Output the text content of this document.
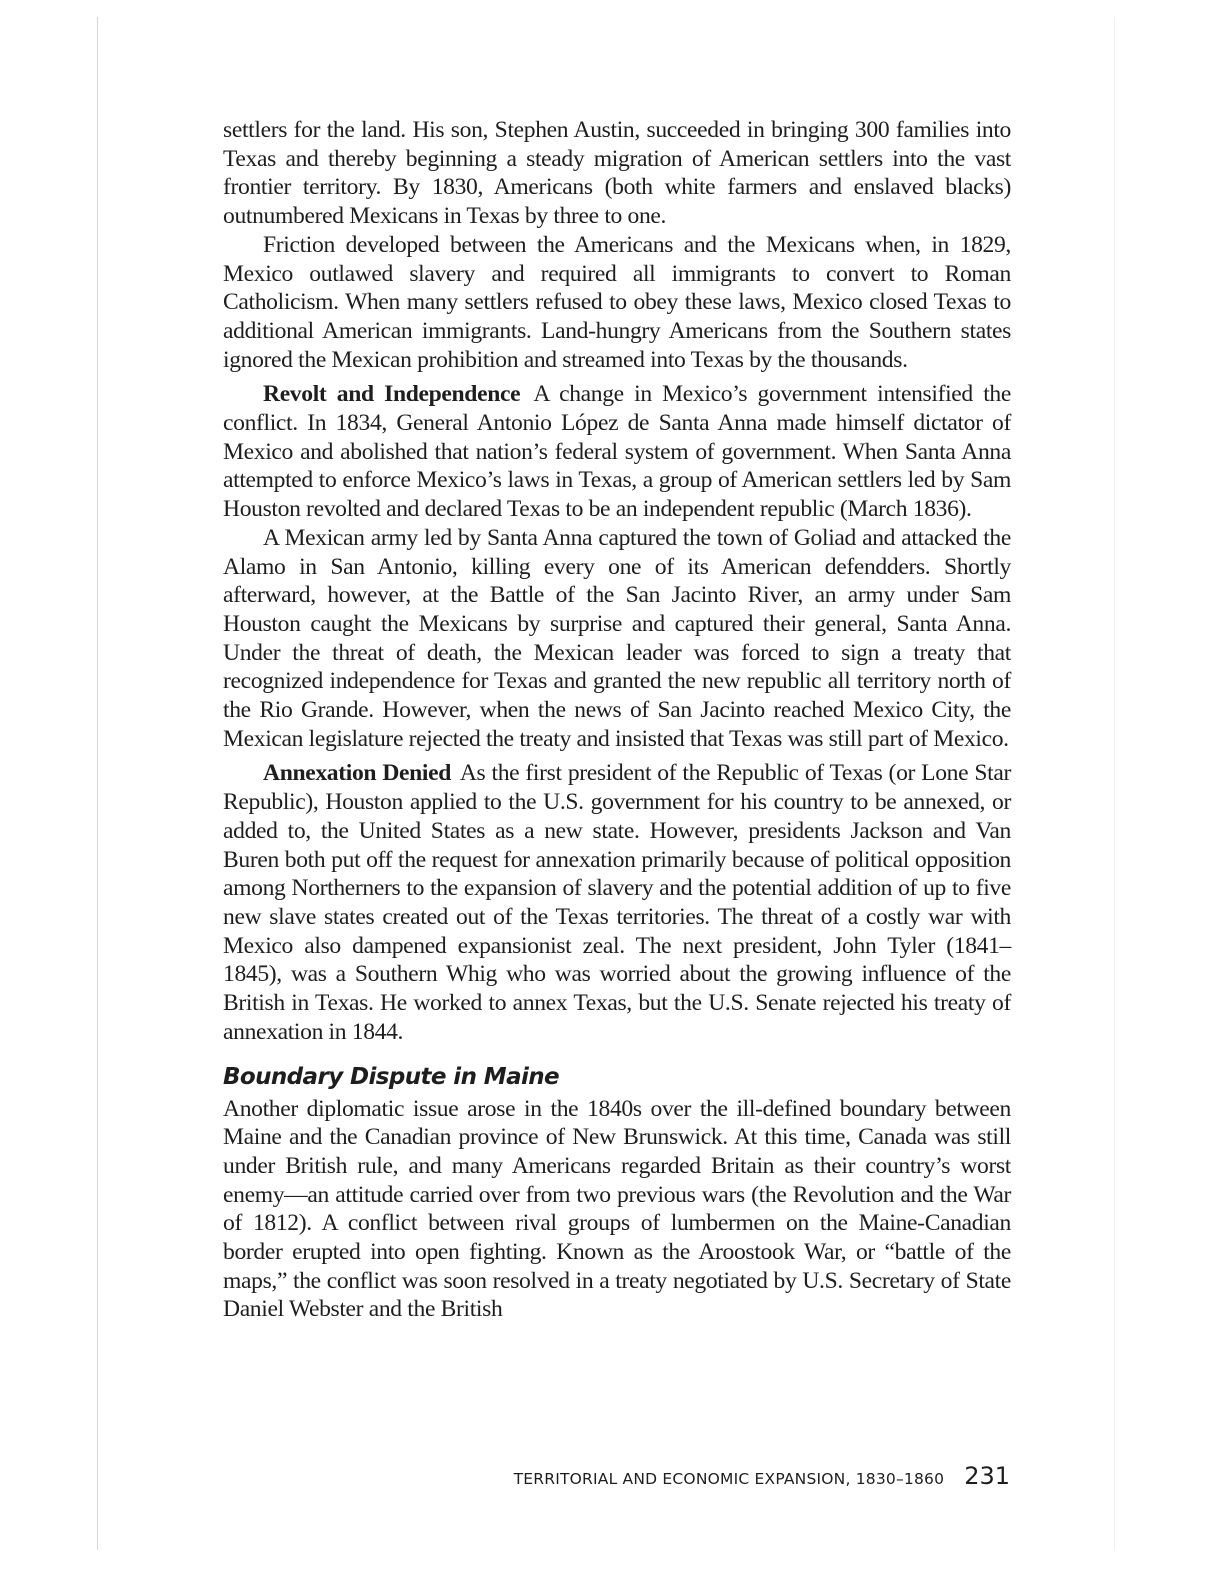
settlers for the land. His son, Stephen Austin, succeeded in bringing 300 families into Texas and thereby beginning a steady migration of American settlers into the vast frontier territory. By 1830, Americans (both white farmers and enslaved blacks) outnumbered Mexicans in Texas by three to one.

Friction developed between the Americans and the Mexicans when, in 1829, Mexico outlawed slavery and required all immigrants to convert to Roman Catholicism. When many settlers refused to obey these laws, Mexico closed Texas to additional American immigrants. Land-hungry Americans from the Southern states ignored the Mexican prohibition and streamed into Texas by the thousands.

Revolt and Independence A change in Mexico’s government intensified the conflict. In 1834, General Antonio López de Santa Anna made himself dictator of Mexico and abolished that nation’s federal system of government. When Santa Anna attempted to enforce Mexico’s laws in Texas, a group of American settlers led by Sam Houston revolted and declared Texas to be an independent republic (March 1836).

A Mexican army led by Santa Anna captured the town of Goliad and attacked the Alamo in San Antonio, killing every one of its American defendders. Shortly afterward, however, at the Battle of the San Jacinto River, an army under Sam Houston caught the Mexicans by surprise and captured their general, Santa Anna. Under the threat of death, the Mexican leader was forced to sign a treaty that recognized independence for Texas and granted the new republic all territory north of the Rio Grande. However, when the news of San Jacinto reached Mexico City, the Mexican legislature rejected the treaty and insisted that Texas was still part of Mexico.

Annexation Denied As the first president of the Republic of Texas (or Lone Star Republic), Houston applied to the U.S. government for his country to be annexed, or added to, the United States as a new state. However, presidents Jackson and Van Buren both put off the request for annexation primarily because of political opposition among Northerners to the expansion of slavery and the potential addition of up to five new slave states created out of the Texas territories. The threat of a costly war with Mexico also dampened expansionist zeal. The next president, John Tyler (1841–1845), was a Southern Whig who was worried about the growing influence of the British in Texas. He worked to annex Texas, but the U.S. Senate rejected his treaty of annexation in 1844.

Boundary Dispute in Maine

Another diplomatic issue arose in the 1840s over the ill-defined boundary between Maine and the Canadian province of New Brunswick. At this time, Canada was still under British rule, and many Americans regarded Britain as their country’s worst enemy—an attitude carried over from two previous wars (the Revolution and the War of 1812). A conflict between rival groups of lumbermen on the Maine-Canadian border erupted into open fighting. Known as the Aroostook War, or “battle of the maps,” the conflict was soon resolved in a treaty negotiated by U.S. Secretary of State Daniel Webster and the British

TERRITORIAL AND ECONOMIC EXPANSION, 1830–1860 231
